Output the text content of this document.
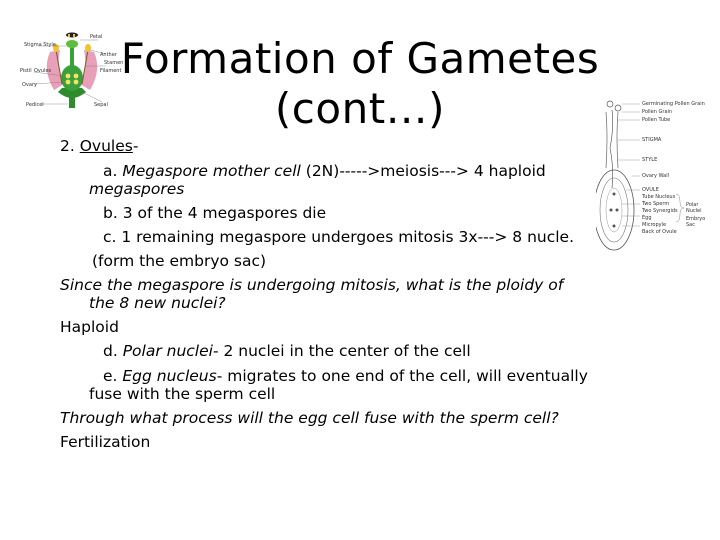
Stigma Style
Petal
Anther
Stamen
Filament
Pistil Ovules
Ovary
Pedicel	Sepal
Formation of Gametes
(cont…)	Germinating Pollen Grain
Pollen Grain
Pollen Tube
STIGMA
STYLE
Ovary Wall
OVULE
Tube Nucleus
Two Sperm
Two Synergids
Egg
Micropyle
Back of Ovule
Polar Nuclei
Embryo Sac
2. Ovules-
a. Megaspore mother cell (2N)----->meiosis---> 4 haploid
megaspores
b. 3 of the 4 megaspores die
c. 1 remaining megaspore undergoes mitosis 3x---> 8 nucle.
(form the embryo sac)
Since the megaspore is undergoing mitosis, what is the ploidy of
the 8 new nuclei?
Haploid
d. Polar nuclei- 2 nuclei in the center of the cell
e. Egg nucleus- migrates to one end of the cell, will eventually
fuse with the sperm cell
Through what process will the egg cell fuse with the sperm cell?
Fertilization
